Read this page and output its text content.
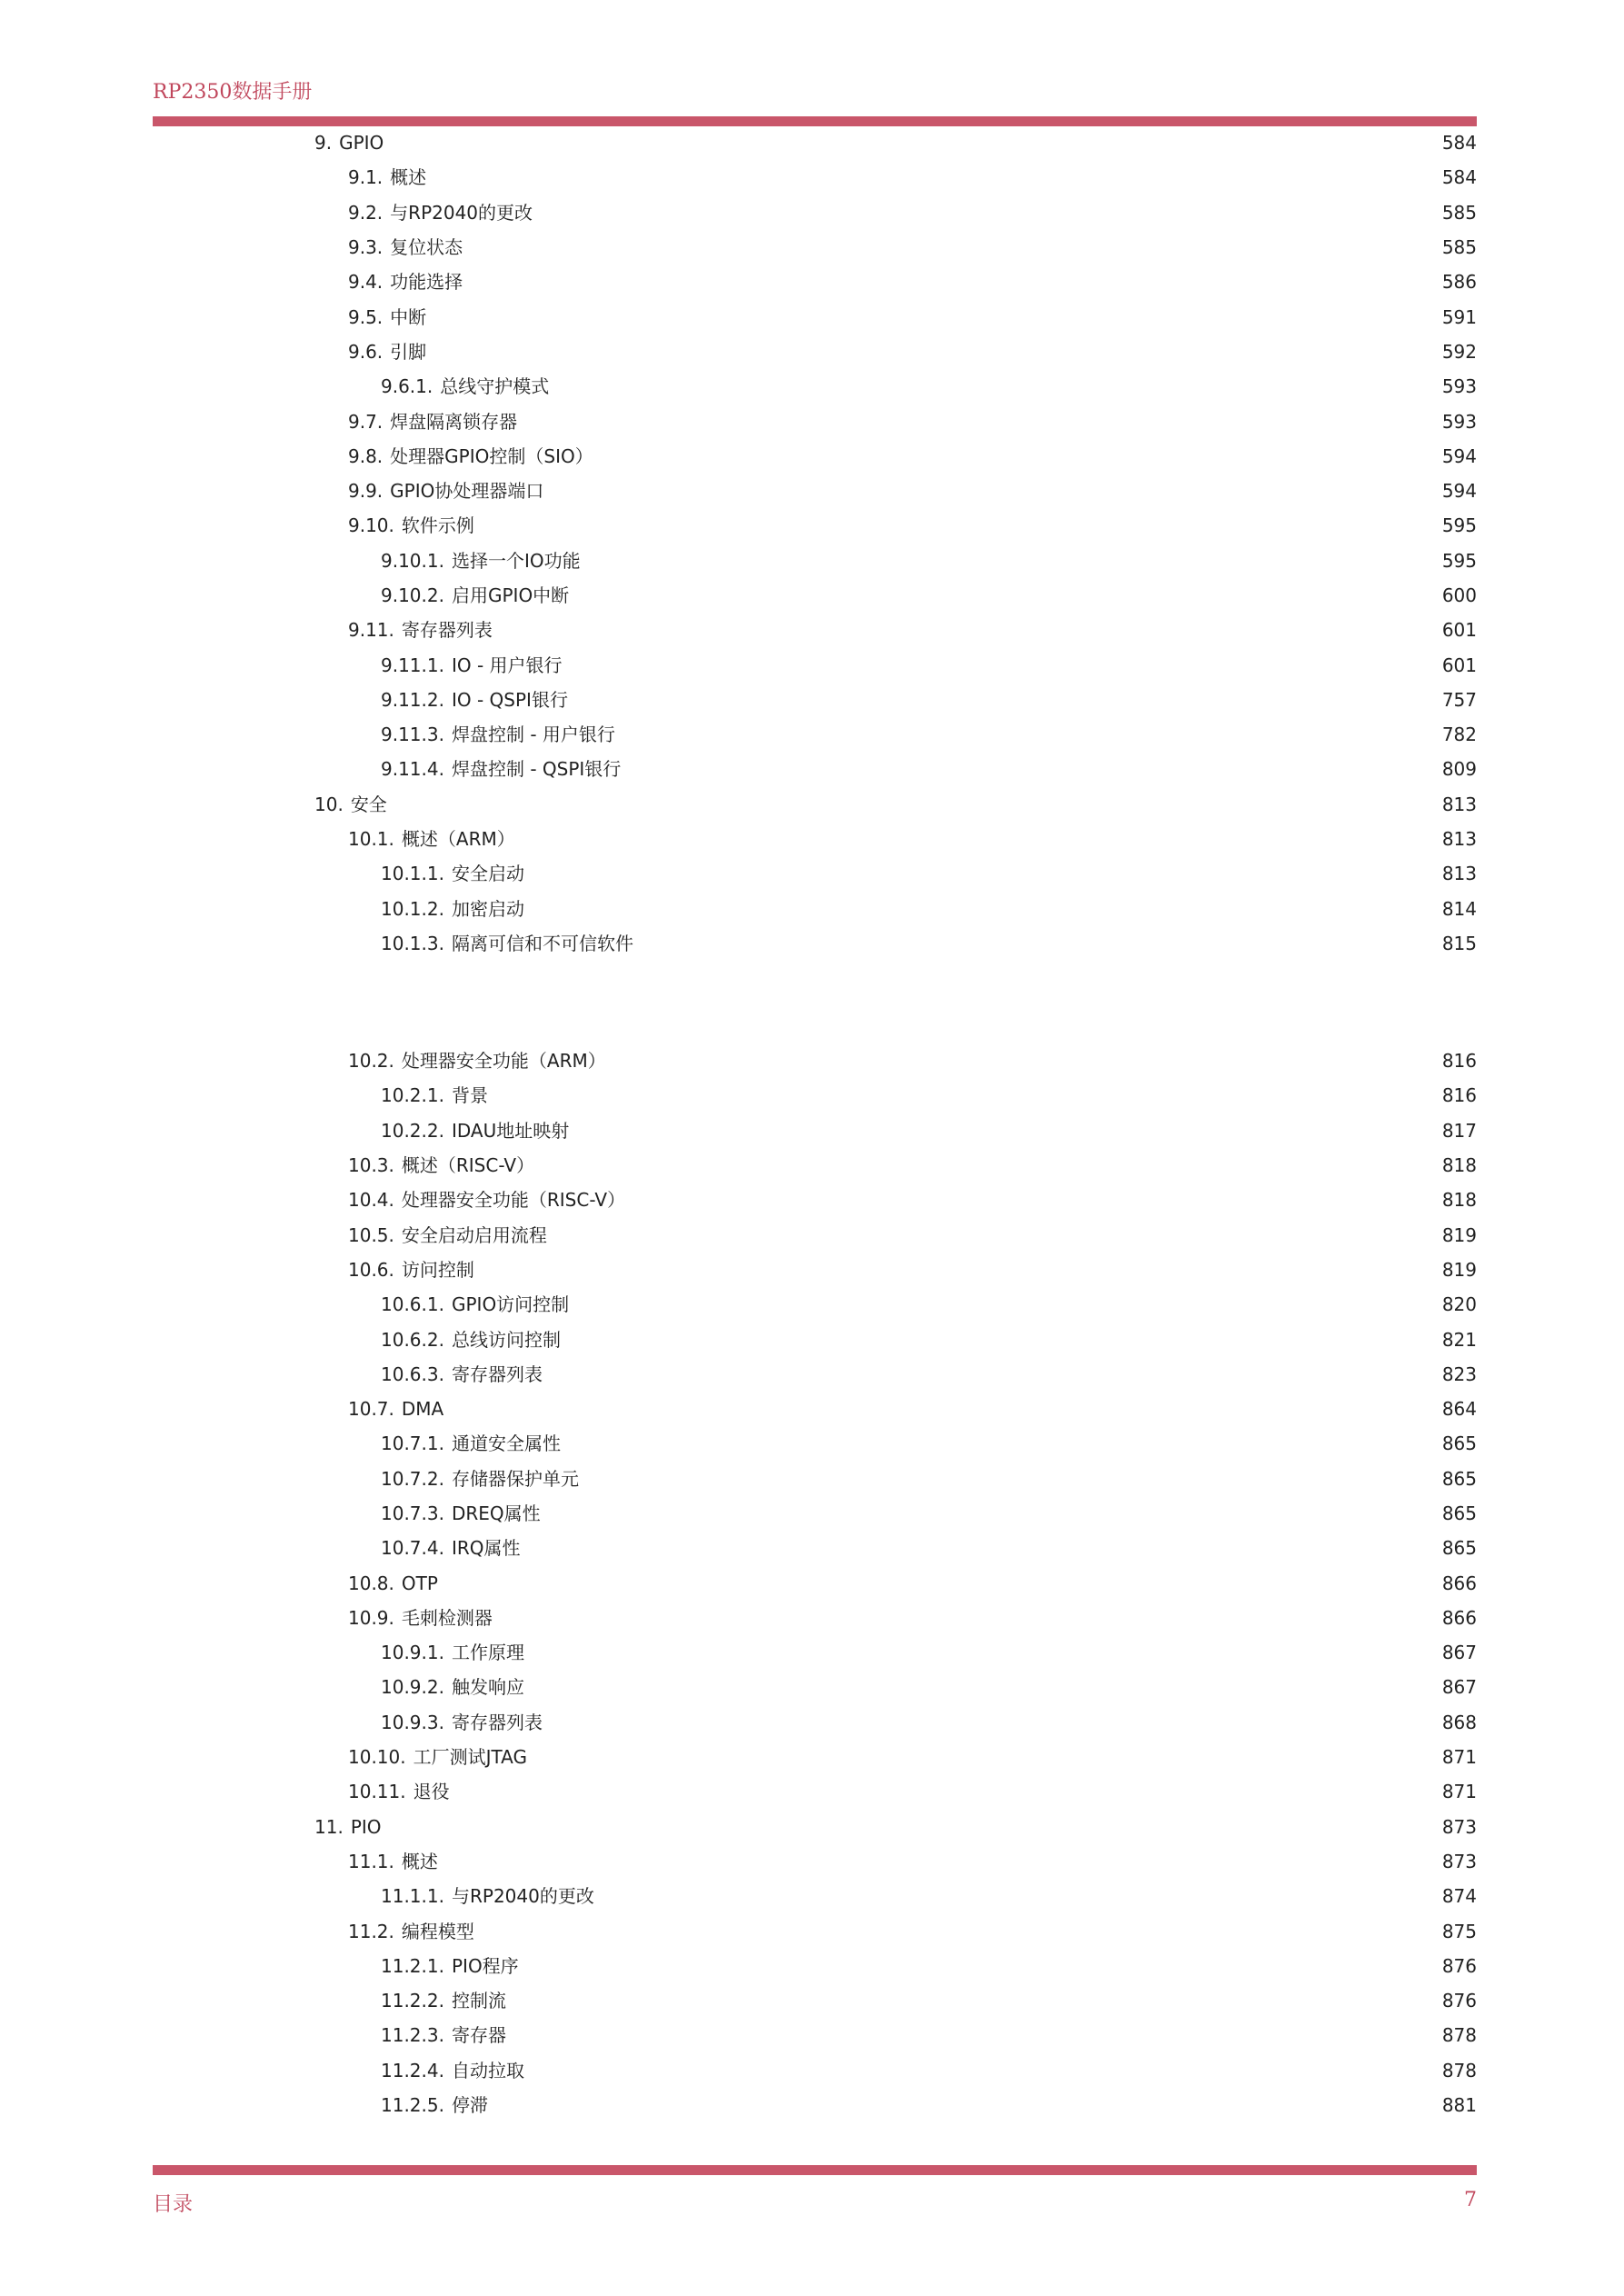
RP2350数据手册
9. GPIO	584
9.1. 概述	584
9.2. 与RP2040的更改	585
9.3. 复位状态	585
9.4. 功能选择	586
9.5. 中断	591
9.6. 引脚	592
9.6.1. 总线守护模式	593
9.7. 焊盘隔离锁存器	593
9.8. 处理器GPIO控制（SIO）	594
9.9. GPIO协处理器端口	594
9.10. 软件示例	595
9.10.1. 选择一个IO功能	595
9.10.2. 启用GPIO中断	600
9.11. 寄存器列表	601
9.11.1. IO - 用户银行	601
9.11.2. IO - QSPI银行	757
9.11.3. 焊盘控制 - 用户银行	782
9.11.4. 焊盘控制 - QSPI银行	809
10. 安全	813
10.1. 概述（ARM）	813
10.1.1. 安全启动	813
10.1.2. 加密启动	814
10.1.3. 隔离可信和不可信软件	815
10.2. 处理器安全功能（ARM）	816
10.2.1. 背景	816
10.2.2. IDAU地址映射	817
10.3. 概述（RISC-V）	818
10.4. 处理器安全功能（RISC-V）	818
10.5. 安全启动启用流程	819
10.6. 访问控制	819
10.6.1. GPIO访问控制	820
10.6.2. 总线访问控制	821
10.6.3. 寄存器列表	823
10.7. DMA	864
10.7.1. 通道安全属性	865
10.7.2. 存储器保护单元	865
10.7.3. DREQ属性	865
10.7.4. IRQ属性	865
10.8. OTP	866
10.9. 毛刺检测器	866
10.9.1. 工作原理	867
10.9.2. 触发响应	867
10.9.3. 寄存器列表	868
10.10. 工厂测试JTAG	871
10.11. 退役	871
11. PIO	873
11.1. 概述	873
11.1.1. 与RP2040的更改	874
11.2. 编程模型	875
11.2.1. PIO程序	876
11.2.2. 控制流	876
11.2.3. 寄存器	878
11.2.4. 自动拉取	878
11.2.5. 停滞	881
目录	7
